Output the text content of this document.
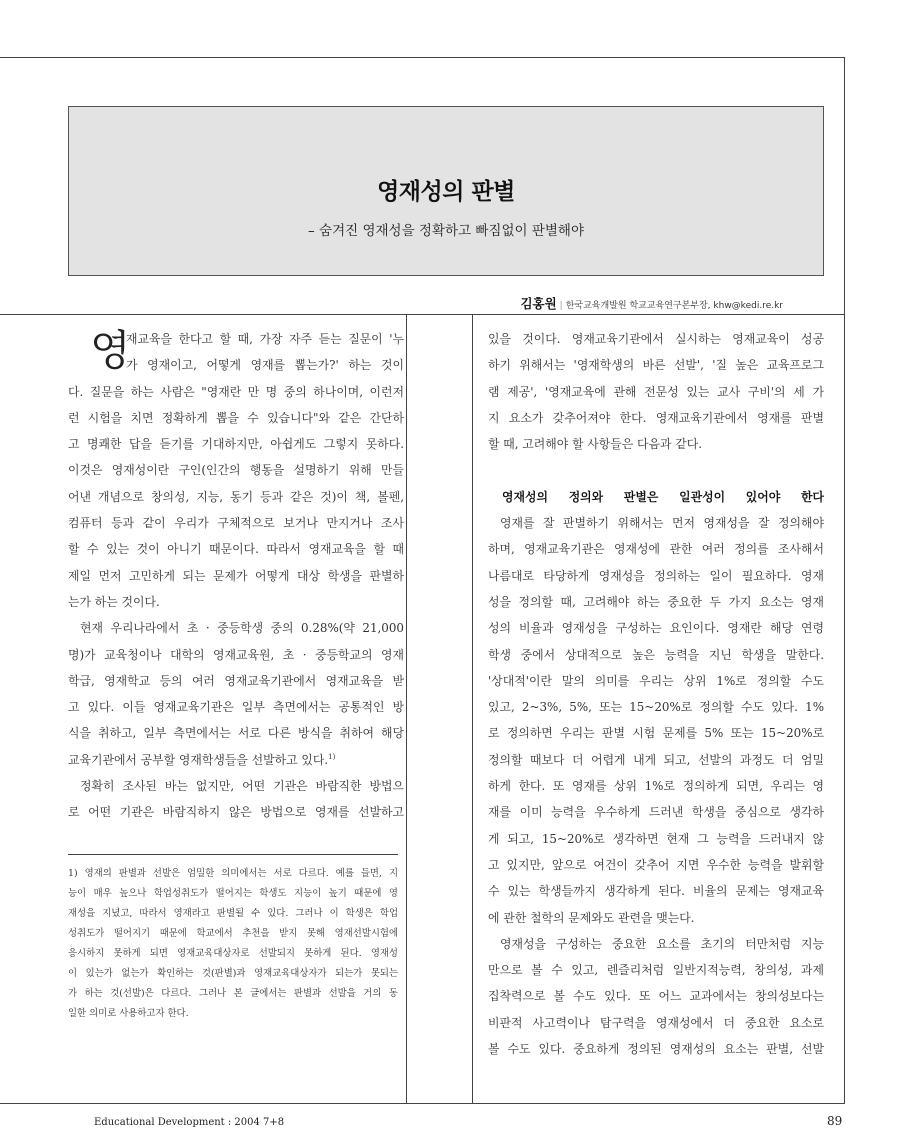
영재성의 판별
– 숨겨진 영재성을 정확하고 빠짐없이 판별해야
김홍원 | 한국교육개발원 학교교육연구본부장, khw@kedi.re.kr
영

재교육을 한다고 할 때, 가장 자주 듣는 질문이 '누

가 영재이고, 어떻게 영재를 뽑는가?' 하는 것이

다. 질문을 하는 사람은 "영재란 만 명 중의 하나이며, 이런저

런 시험을 치면 정확하게 뽑을 수 있습니다"와 같은 간단하

고 명쾌한 답을 듣기를 기대하지만, 아쉽게도 그렇지 못하다.

이것은 영재성이란 구인(인간의 행동을 설명하기 위해 만들

어낸 개념으로 창의성, 지능, 동기 등과 같은 것)이 책, 볼펜,

컴퓨터 등과 같이 우리가 구체적으로 보거나 만지거나 조사

할 수 있는 것이 아니기 때문이다. 따라서 영재교육을 할 때

제일 먼저 고민하게 되는 문제가 어떻게 대상 학생을 판별하

는가 하는 것이다.

현재 우리나라에서 초 · 중등학생 중의 0.28%(약 21,000

명)가 교육청이나 대학의 영재교육원, 초 · 중등학교의 영재

학급, 영재학교 등의 여러 영재교육기관에서 영재교육을 받

고 있다. 이들 영재교육기관은 일부 측면에서는 공통적인 방

식을 취하고, 일부 측면에서는 서로 다른 방식을 취하여 해당

교육기관에서 공부할 영재학생들을 선발하고 있다.$^{1)}$

정확히 조사된 바는 없지만, 어떤 기관은 바람직한 방법으

로 어떤 기관은 바람직하지 않은 방법으로 영재를 선발하고

1) 영재의 판별과 선발은 엄밀한 의미에서는 서로 다르다. 예를 들면, 지

능이 매우 높으나 학업성취도가 떨어지는 학생도 지능이 높기 때문에 영

재성을 지녔고, 따라서 영재라고 판별될 수 있다. 그러나 이 학생은 학업

성취도가 떨어지기 때문에 학교에서 추천을 받지 못해 영재선발시험에

응시하지 못하게 되면 영재교육대상자로 선발되지 못하게 된다. 영재성

이 있는가 없는가 확인하는 것(판별)과 영재교육대상자가 되는가 못되는

가 하는 것(선발)은 다르다. 그러나 본 글에서는 판별과 선발을 거의 동

일한 의미로 사용하고자 한다.

있을 것이다. 영재교육기관에서 실시하는 영재교육이 성공

하기 위해서는 '영재학생의 바른 선발', '질 높은 교육프로그

램 제공', '영재교육에 관해 전문성 있는 교사 구비'의 세 가

지 요소가 갖추어져야 한다. 영재교육기관에서 영재를 판별

할 때, 고려해야 할 사항들은 다음과 같다.

영재성의 정의와 판별은 일관성이 있어야 한다

영재를 잘 판별하기 위해서는 먼저 영재성을 잘 정의해야

하며, 영재교육기관은 영재성에 관한 여러 정의를 조사해서

나름대로 타당하게 영재성을 정의하는 일이 필요하다. 영재

성을 정의할 때, 고려해야 하는 중요한 두 가지 요소는 영재

성의 비율과 영재성을 구성하는 요인이다. 영재란 해당 연령

학생 중에서 상대적으로 높은 능력을 지닌 학생을 말한다.

'상대적'이란 말의 의미를 우리는 상위 1%로 정의할 수도

있고, 2~3%, 5%, 또는 15~20%로 정의할 수도 있다. 1%

로 정의하면 우리는 판별 시험 문제를 5% 또는 15~20%로

정의할 때보다 더 어렵게 내게 되고, 선발의 과정도 더 엄밀

하게 한다. 또 영재를 상위 1%로 정의하게 되면, 우리는 영

재를 이미 능력을 우수하게 드러낸 학생을 중심으로 생각하

게 되고, 15~20%로 생각하면 현재 그 능력을 드러내지 않

고 있지만, 앞으로 여건이 갖추어 지면 우수한 능력을 발휘할

수 있는 학생들까지 생각하게 된다. 비율의 문제는 영재교육

에 관한 철학의 문제와도 관련을 맺는다.

영재성을 구성하는 중요한 요소를 초기의 터만처럼 지능

만으로 볼 수 있고, 렌즐리처럼 일반지적능력, 창의성, 과제

집착력으로 볼 수도 있다. 또 어느 교과에서는 창의성보다는

비판적 사고력이나 탐구력을 영재성에서 더 중요한 요소로

볼 수도 있다. 중요하게 정의된 영재성의 요소는 판별, 선발

Educational Development : 2004 7+8	89
